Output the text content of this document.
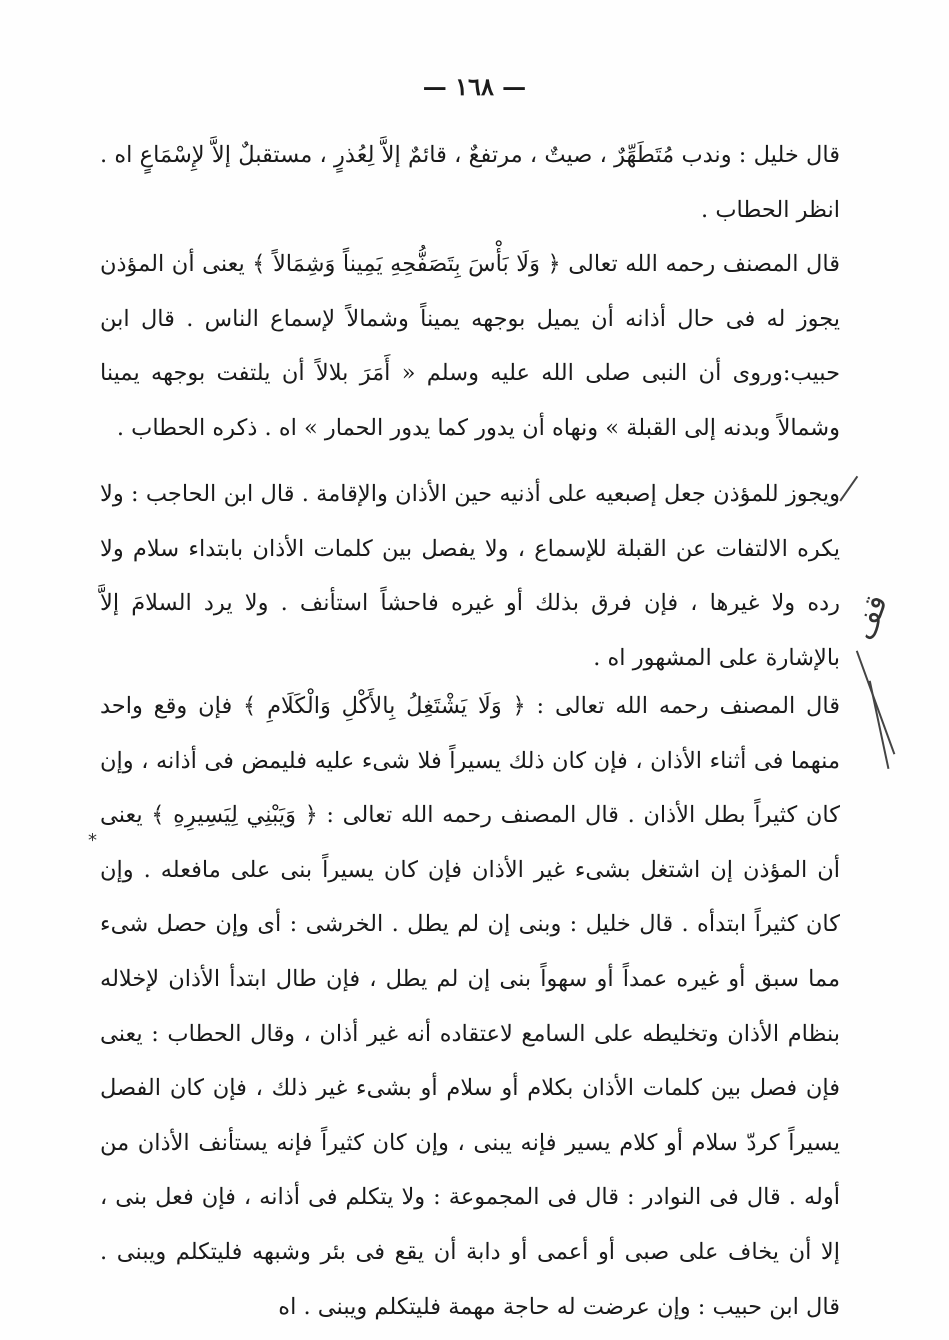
— ١٦٨ —
قال خليل : وندب مُتَطَهِّرٌ ، صيتٌ ، مرتفعٌ ، قائمٌ إلاَّ لِعُذرٍ ، مستقبلٌ إلاَّ لإِسْمَاعٍ اه . انظر الحطاب .
قال المصنف رحمه الله تعالى ﴿ وَلَا بَأْسَ بِتَصَفُّحِهِ يَمِيناً وَشِمَالاً ﴾ يعنى أن المؤذن يجوز له فى حال أذانه أن يميل بوجهه يميناً وشمالاً لإسماع الناس . قال ابن حبيب:وروى أن النبى صلى الله عليه وسلم « أَمَرَ بلالاً أن يلتفت بوجهه يمينا وشمالاً وبدنه إلى القبلة » ونهاه أن يدور كما يدور الحمار » اه . ذكره الحطاب .
ويجوز للمؤذن جعل إصبعيه على أذنيه حين الأذان والإقامة . قال ابن الحاجب : ولا يكره الالتفات عن القبلة للإسماع ، ولا يفصل بين كلمات الأذان بابتداء سلام ولا رده ولا غيرها ، فإن فرق بذلك أو غيره فاحشاً استأنف . ولا يرد السلامَ إلاَّ بالإشارة على المشهور اه .
قال المصنف رحمه الله تعالى : ﴿ وَلَا يَشْتَغِلُ بِالأَكْلِ وَالْكَلَامِ ﴾ فإن وقع واحد منهما فى أثناء الأذان ، فإن كان ذلك يسيراً فلا شىء عليه فليمض فى أذانه ، وإن كان كثيراً بطل الأذان . قال المصنف رحمه الله تعالى : ﴿ وَيَبْنِي لِيَسِيرِهِ ﴾ يعنى أن المؤذن إن اشتغل بشىء غير الأذان فإن كان يسيراً بنى على مافعله . وإن كان كثيراً ابتدأه . قال خليل : وبنى إن لم يطل . الخرشى : أى وإن حصل شىء مما سبق أو غيره عمداً أو سهواً بنى إن لم يطل ، فإن طال ابتدأ الأذان لإخلاله بنظام الأذان وتخليطه على السامع لاعتقاده أنه غير أذان ، وقال الحطاب : يعنى فإن فصل بين كلمات الأذان بكلام أو سلام أو بشىء غير ذلك ، فإن كان الفصل يسيراً كردّ سلام أو كلام يسير فإنه يبنى ، وإن كان كثيراً فإنه يستأنف الأذان من أوله . قال فى النوادر : قال فى المجموعة : ولا يتكلم فى أذانه ، فإن فعل بنى ، إلا أن يخاف على صبى أو أعمى أو دابة أن يقع فى بئر وشبهه فليتكلم ويبنى . قال ابن حبيب : وإن عرضت له حاجة مهمة فليتكلم ويبنى . اه
قف
*
